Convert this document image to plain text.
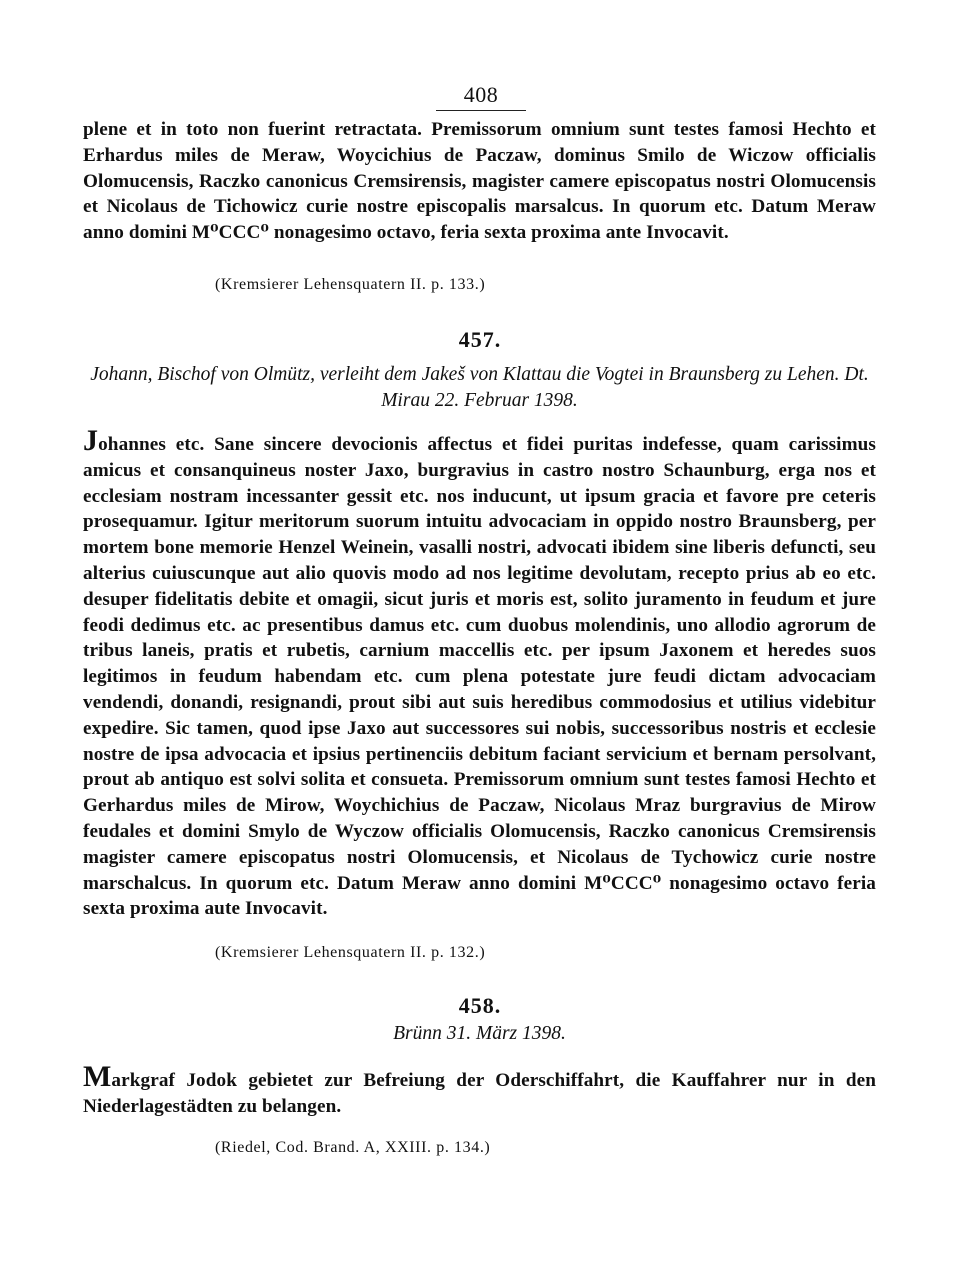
408

plene et in toto non fuerint retractata. Premissorum omnium sunt testes famosi Hechto et Erhardus miles de Meraw, Woycichius de Paczaw, dominus Smilo de Wiczow officialis Olomucensis, Raczko canonicus Cremsirensis, magister camere episcopatus nostri Olomucensis et Nicolaus de Tichowicz curie nostre episcopalis marsalcus. In quorum etc. Datum Meraw anno domini M⁰CCC⁰ nonagesimo octavo, feria sexta proxima ante Invocavit.

(Kremsierer Lehensquatern II. p. 133.)
457.

Johann, Bischof von Olmütz, verleiht dem Jakeš von Klattau die Vogtei in Braunsberg zu Lehen. Dt. Mirau 22. Februar 1398.

Johannes etc. Sane sincere devocionis affectus et fidei puritas indefesse, quam carissimus amicus et consanquineus noster Jaxo, burgravius in castro nostro Schaunburg, erga nos et ecclesiam nostram incessanter gessit etc. nos inducunt, ut ipsum gracia et favore pre ceteris prosequamur. Igitur meritorum suorum intuitu advocaciam in oppido nostro Braunsberg, per mortem bone memorie Henzel Weinein, vasalli nostri, advocati ibidem sine liberis defuncti, seu alterius cuiuscunque aut alio quovis modo ad nos legitime devolutam, recepto prius ab eo etc. desuper fidelitatis debite et omagii, sicut juris et moris est, solito juramento in feudum et jure feodi dedimus etc. ac presentibus damus etc. cum duobus molendinis, uno allodio agrorum de tribus laneis, pratis et rubetis, carnium maccellis etc. per ipsum Jaxonem et heredes suos legitimos in feudum habendam etc. cum plena potestate jure feudi dictam advocaciam vendendi, donandi, resignandi, prout sibi aut suis heredibus commodosius et utilius videbitur expedire. Sic tamen, quod ipse Jaxo aut successores sui nobis, successoribus nostris et ecclesie nostre de ipsa advocacia et ipsius pertinenciis debitum faciant servicium et bernam persolvant, prout ab antiquo est solvi solita et consueta. Premissorum omnium sunt testes famosi Hechto et Gerhardus miles de Mirow, Woychichius de Paczaw, Nicolaus Mraz burgravius de Mirow feudales et domini Smylo de Wyczow officialis Olomucensis, Raczko canonicus Cremsirensis magister camere episcopatus nostri Olomucensis, et Nicolaus de Tychowicz curie nostre marschalcus. In quorum etc. Datum Meraw anno domini M⁰CCC⁰ nonagesimo octavo feria sexta proxima aute Invocavit.

(Kremsierer Lehensquatern II. p. 132.)
458.

Brünn 31. März 1398.

Markgraf Jodok gebietet zur Befreiung der Oderschiffahrt, die Kauffahrer nur in den Niederlagestädten zu belangen.

(Riedel, Cod. Brand. A, XXIII. p. 134.)
